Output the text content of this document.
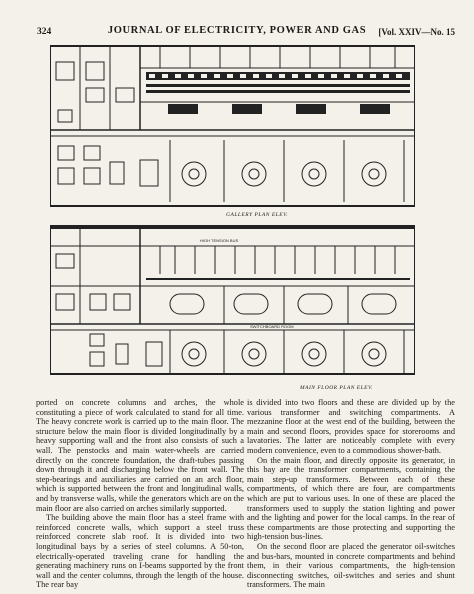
324	JOURNAL OF ELECTRICITY, POWER AND GAS	[Vol. XXIV—No. 15
GALLERY PLAN ELEV.
HIGH TENSION BUS
SWITCHBOARD ROOM
MAIN FLOOR PLAN ELEV.

ported on concrete columns and arches, the whole constituting a piece of work calculated to stand for all time. The heavy concrete work is carried up to the main floor. The structure below the main floor is divided longitudinally by a heavy supporting wall and the front also consists of such a wall. The penstocks and main water-wheels are carried directly on the concrete foundation, the draft-tubes passing down through it and discharging below the front wall. The step-bearings and auxiliaries are carried on an arch floor, which is supported between the front and longitudinal walls, and by transverse walls, while the generators which are on the main floor are also carried on arches similarly supported.

The building above the main floor has a steel frame with reinforced concrete walls, which support a steel truss reinforced concrete slab roof. It is divided into two longitudinal bays by a series of steel columns. A 50-ton, electrically-operated traveling crane for handling the generating machinery runs on I-beams supported by the front wall and the center columns, through the length of the house. The rear bay

is divided into two floors and these are divided up by the various transformer and switching compartments. A mezzanine floor at the west end of the building, between the main and second floors, provides space for storerooms and lavatories. The latter are noticeably complete with every modern convenience, even to a commodious shower-bath.

On the main floor, and directly opposite its generator, in this bay are the transformer compartments, containing the main step-up transformers. Between each of these compartments, of which there are four, are compartments which are put to various uses. In one of these are placed the transformers used to supply the station lighting and power and the lighting and power for the local camps. In the rear of these compartments are those protecting and supporting the high-tension bus-lines.

On the second floor are placed the generator oil-switches and bus-bars, mounted in concrete compartments and behind them, in their various compartments, the high-tension disconnecting switches, oil-switches and series and shunt transformers. The main
